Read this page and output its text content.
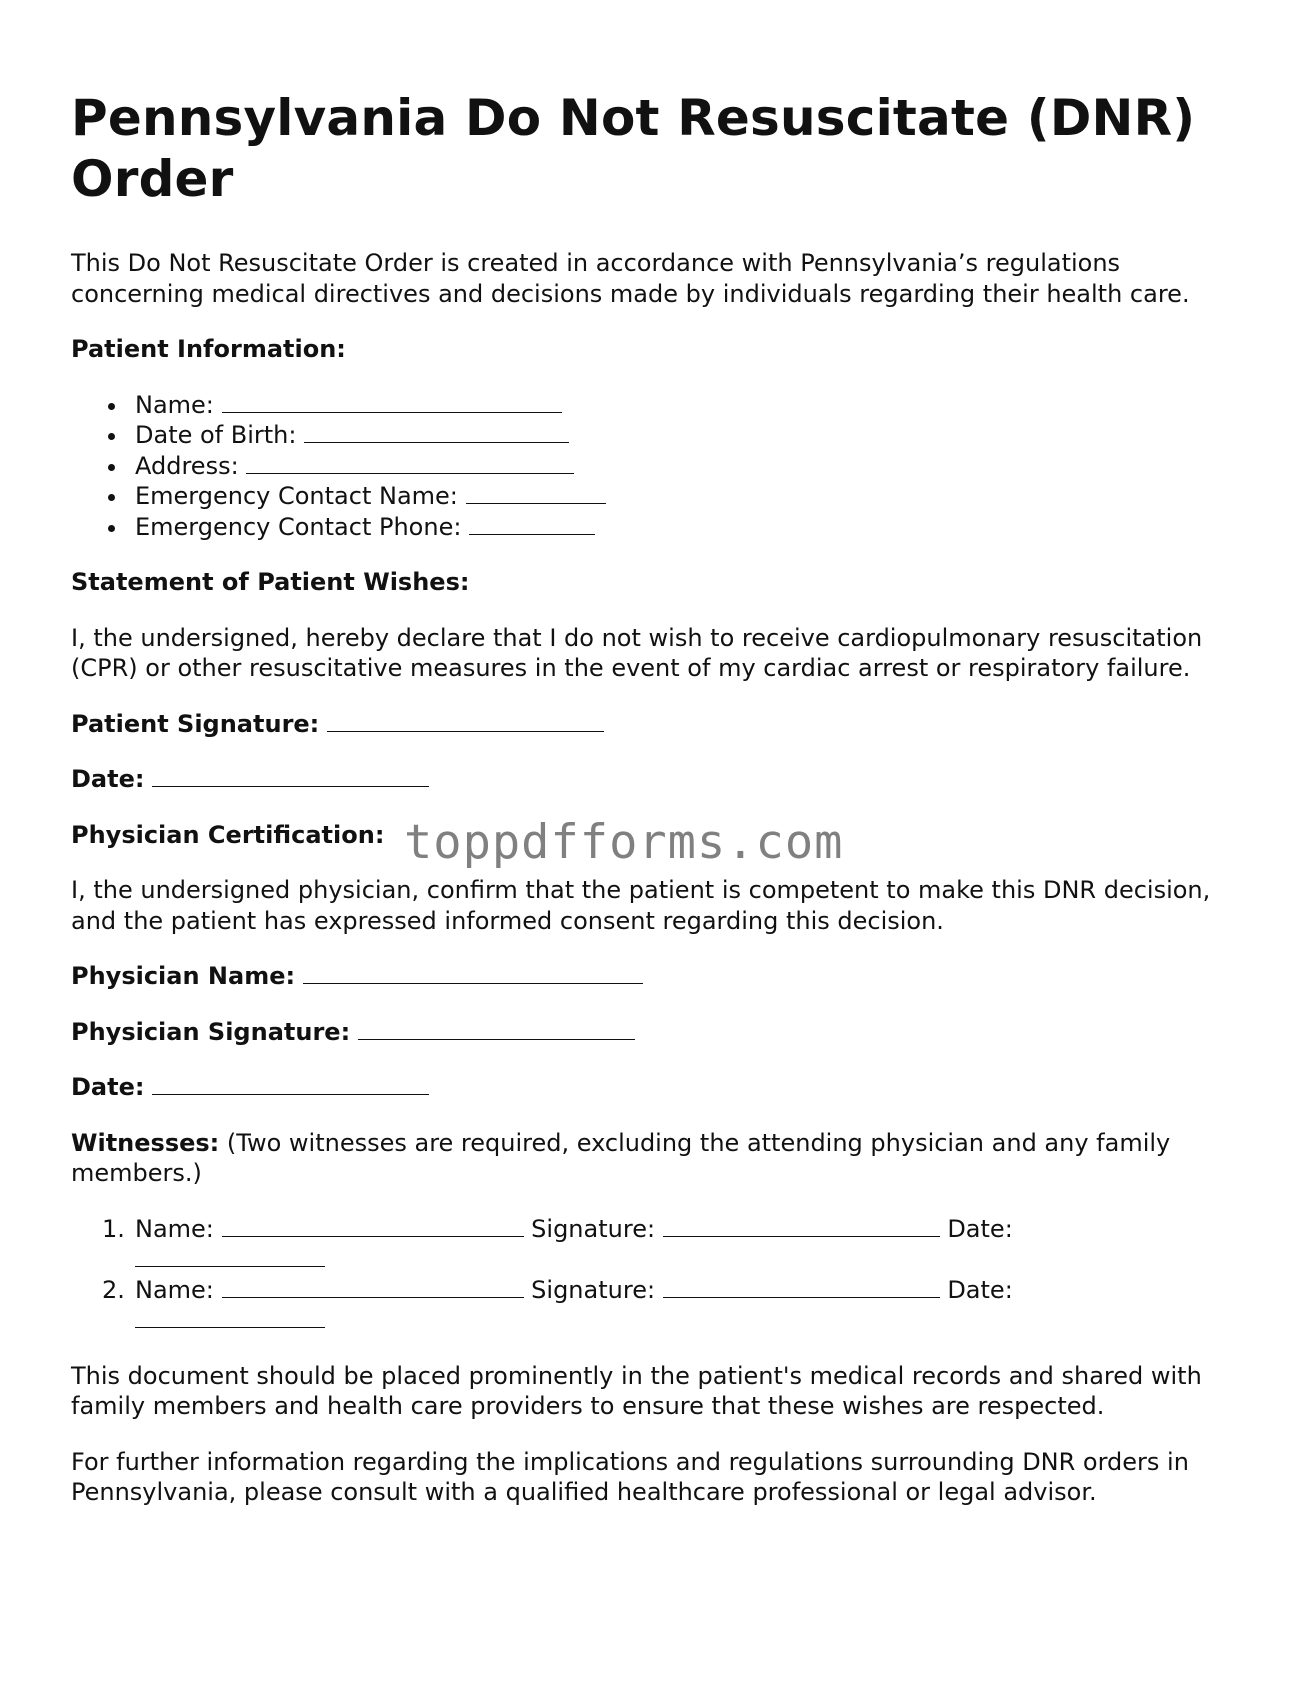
Pennsylvania Do Not Resuscitate (DNR) Order

This Do Not Resuscitate Order is created in accordance with Pennsylvania’s regulations concerning medical directives and decisions made by individuals regarding their health care.

Patient Information:
Name:
Date of Birth:
Address:
Emergency Contact Name:
Emergency Contact Phone:
Statement of Patient Wishes:

I, the undersigned, hereby declare that I do not wish to receive cardiopulmonary resuscitation (CPR) or other resuscitative measures in the event of my cardiac arrest or respiratory failure.

Patient Signature:
Date:
Physician Certification:

I, the undersigned physician, confirm that the patient is competent to make this DNR decision, and the patient has expressed informed consent regarding this decision.

Physician Name:
Physician Signature:
Date:

Witnesses: (Two witnesses are required, excluding the attending physician and any family members.)

1. Name:	Signature:	Date:

2. Name:	Signature:	Date:

This document should be placed prominently in the patient's medical records and shared with family members and health care providers to ensure that these wishes are respected.

For further information regarding the implications and regulations surrounding DNR orders in Pennsylvania, please consult with a qualified healthcare professional or legal advisor.

toppdfforms.com
